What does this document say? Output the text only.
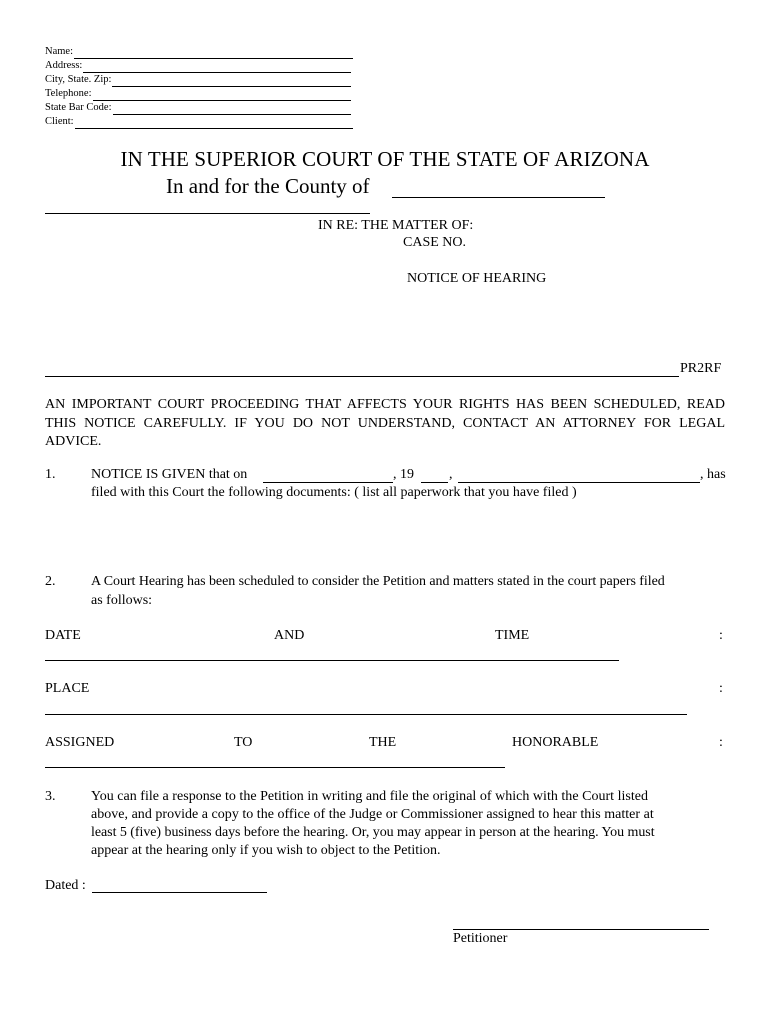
Name:
Address:
City, State. Zip:
Telephone:
State Bar Code:
Client:
IN THE SUPERIOR COURT OF THE STATE OF ARIZONA
In and for the County of
IN RE: THE MATTER OF:
CASE NO.
NOTICE OF HEARING
PR2RF
AN IMPORTANT COURT PROCEEDING THAT AFFECTS YOUR RIGHTS HAS BEEN SCHEDULED, READ THIS NOTICE CAREFULLY. IF YOU DO NOT UNDERSTAND, CONTACT AN ATTORNEY FOR LEGAL ADVICE.
1.	NOTICE IS GIVEN that on	, 19	,	, has
filed with this Court the following documents: ( list all paperwork that you have filed )
2.	A Court Hearing has been scheduled to consider the Petition and matters stated in the court papers filed
as follows:
DATE	AND	TIME	:
PLACE	:
ASSIGNED	TO	THE	HONORABLE	:
3.	You can file a response to the Petition in writing and file the original of which with the Court listed
above, and provide a copy to the office of the Judge or Commissioner assigned to hear this matter at
least 5 (five) business days before the hearing. Or, you may appear in person at the hearing. You must
appear at the hearing only if you wish to object to the Petition.
Dated :
Petitioner
